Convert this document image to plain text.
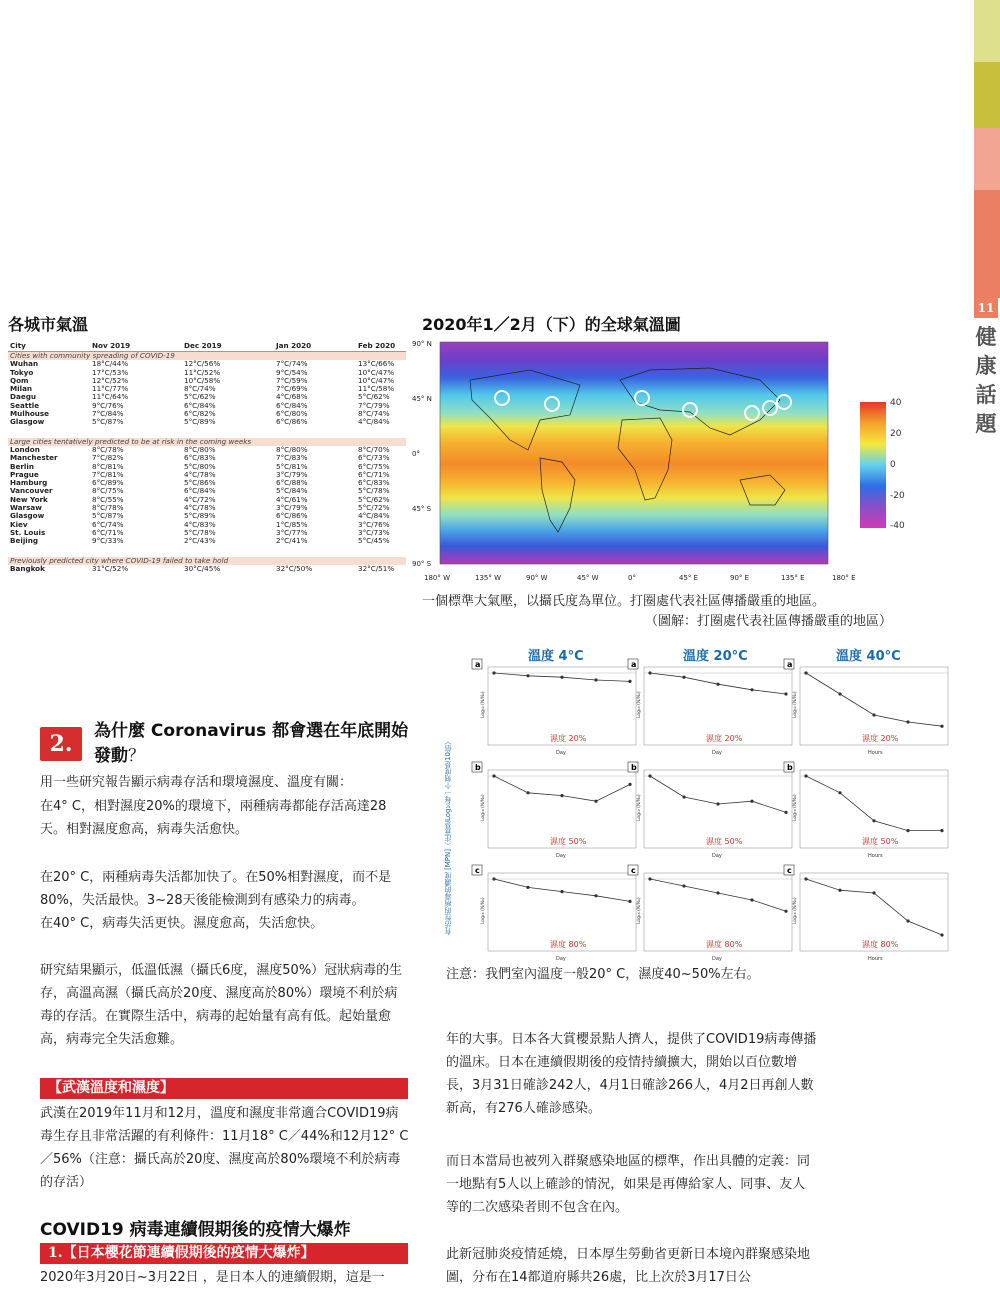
11
健康話題
各城市氣溫
City	Nov 2019	Dec 2019	Jan 2020	Feb 2020
Cities with community spreading of COVID-19				
Wuhan	18°C/44%	12°C/56%	7°C/74%	13°C/66%
Tokyo	17°C/53%	11°C/52%	9°C/54%	10°C/47%
Qom	12°C/52%	10°C/58%	7°C/59%	10°C/47%
Milan	11°C/77%	8°C/74%	7°C/69%	11°C/58%
Daegu	11°C/64%	5°C/62%	4°C/68%	5°C/62%
Seattle	9°C/76%	6°C/84%	6°C/84%	7°C/79%
Mulhouse	7°C/84%	6°C/82%	6°C/80%	8°C/74%
Glasgow	5°C/87%	5°C/89%	6°C/86%	4°C/84%

Large cities tentatively predicted to be at risk in the coming weeks				
London	8°C/78%	8°C/80%	8°C/80%	8°C/70%
Manchester	7°C/82%	6°C/83%	7°C/83%	6°C/73%
Berlin	8°C/81%	5°C/80%	5°C/81%	6°C/75%
Prague	7°C/81%	4°C/78%	3°C/79%	6°C/71%
Hamburg	6°C/89%	5°C/86%	6°C/88%	6°C/83%
Vancouver	8°C/75%	6°C/84%	5°C/84%	5°C/78%
New York	8°C/55%	4°C/72%	4°C/61%	5°C/62%
Warsaw	8°C/78%	4°C/78%	3°C/79%	5°C/72%
Glasgow	5°C/87%	5°C/89%	6°C/86%	4°C/84%
Kiev	6°C/74%	4°C/83%	1°C/85%	3°C/76%
St. Louis	6°C/71%	5°C/78%	3°C/77%	3°C/73%
Beijing	9°C/33%	2°C/43%	2°C/41%	5°C/45%

Previously predicted city where COVID-19 failed to take hold				
Bangkok	31°C/52%	30°C/45%	32°C/50%	32°C/51%
2020年1／2月（下）的全球氣溫圖
90° N
45° N
0°
45° S
90° S
180° W	135° W	90° W	45° W	0°	45° E	90° E	135° E	180° E
40
20
0
-20
-40
一個標準大氣壓，以攝氏度為單位。打圈處代表社區傳播嚴重的地區。
（圖解：打圈處代表社區傳播嚴重的地區）
溫度 4°C	溫度 20°C	溫度 40°C
有活性的病毒的濃度 [MPN]（注意是Log₁₀每一个刻度是10倍）	濕度 20%
Day
Log₁₀ (N/N₀)
a
濕度 20%
Day
Log₁₀ (N/N₀)
a
濕度 20%
Hours
Log₁₀ (N/N₀)
a
濕度 50%
Day
Log₁₀ (N/N₀)
b
濕度 50%
Day
Log₁₀ (N/N₀)
b
濕度 50%
Hours
Log₁₀ (N/N₀)
b
濕度 80%
Day
Log₁₀ (N/N₀)
c
濕度 80%
Day
Log₁₀ (N/N₀)
c
濕度 80%
Hours
Log₁₀ (N/N₀)
c
注意：我們室內溫度一般20° C，濕度40~50%左右。
2.	為什麼 Coronavirus 都會選在年底開始發動？
用一些研究報告顯示病毒存活和環境濕度、溫度有關：
在4° C，相對濕度20%的環境下，兩種病毒都能存活高達28天。相對濕度愈高，病毒失活愈快。
在20° C，兩種病毒失活都加快了。在50%相對濕度，而不是80%，失活最快。3~28天後能檢測到有感染力的病毒。
在40° C，病毒失活更快。濕度愈高，失活愈快。
研究結果顯示，低溫低濕（攝氏6度，濕度50%）冠狀病毒的生存，高溫高濕（攝氏高於20度、濕度高於80%）環境不利於病毒的存活。在實際生活中，病毒的起始量有高有低。起始量愈高，病毒完全失活愈難。
【武漢溫度和濕度】
武漢在2019年11月和12月，溫度和濕度非常適合COVID19病毒生存且非常活躍的有利條件：11月18° C／44%和12月12° C／56%（注意：攝氏高於20度、濕度高於80%環境不利於病毒的存活）
COVID19 病毒連續假期後的疫情大爆炸
1.【日本櫻花節連續假期後的疫情大爆炸】
2020年3月20日~3月22日 ，是日本人的連續假期，這是一
年的大事。日本各大賞櫻景點人擠人，提供了COVID19病毒傳播的溫床。日本在連續假期後的疫情持續擴大，開始以百位數增長，3月31日確診242人，4月1日確診266人，4月2日再創人數新高，有276人確診感染。
而日本當局也被列入群聚感染地區的標準，作出具體的定義：同一地點有5人以上確診的情況，如果是再傳給家人、同事、友人等的二次感染者則不包含在內。
此新冠肺炎疫情延燒，日本厚生勞動省更新日本境內群聚感染地圖，分布在14都道府縣共26處，比上次於3月17日公
